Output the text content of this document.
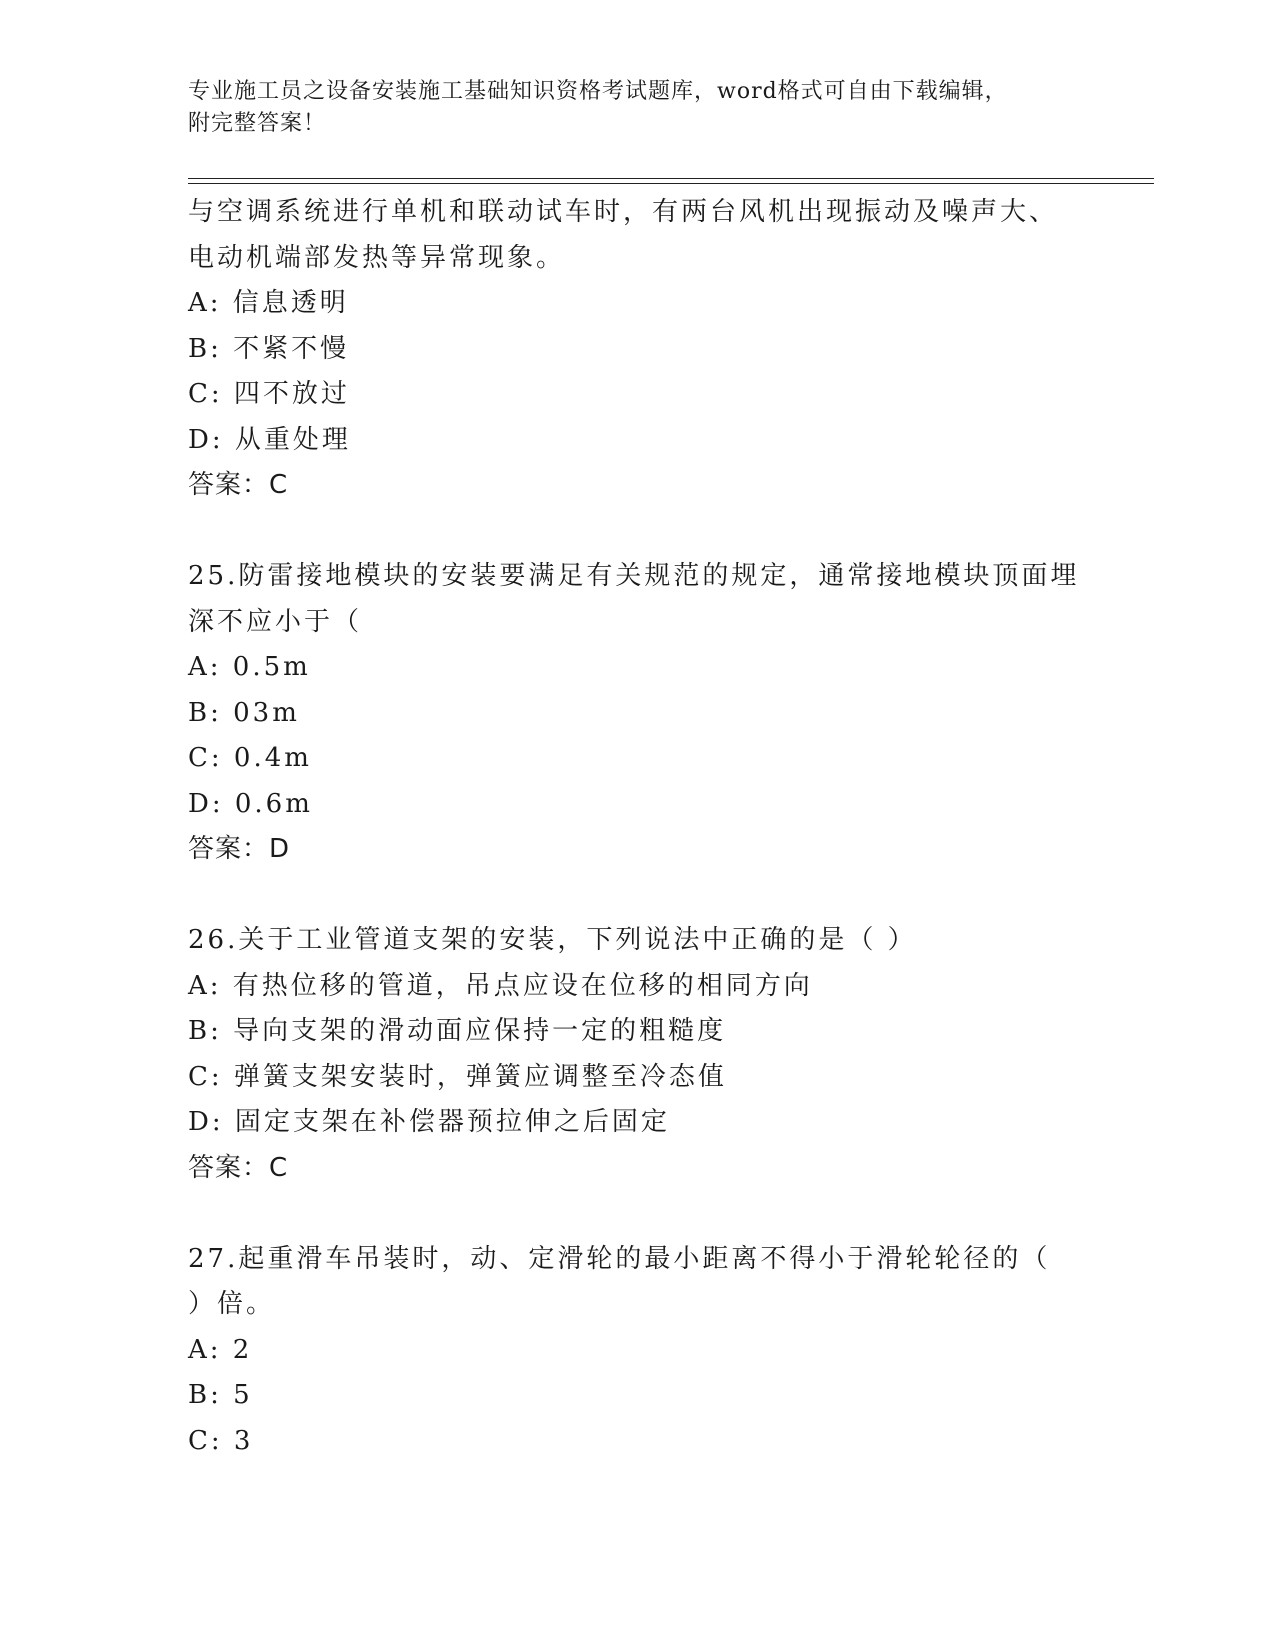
专业施工员之设备安装施工基础知识资格考试题库，word格式可自由下载编辑，
附完整答案！
与空调系统进行单机和联动试车时，有两台风机出现振动及噪声大、
电动机端部发热等异常现象。
A: 信息透明
B: 不紧不慢
C: 四不放过
D: 从重处理
答案：C
25.防雷接地模块的安装要满足有关规范的规定，通常接地模块顶面埋
深不应小于（
A: 0.5m
B: 03m
C: 0.4m
D: 0.6m
答案：D
26.关于工业管道支架的安装，下列说法中正确的是（ ）
A: 有热位移的管道，吊点应设在位移的相同方向
B: 导向支架的滑动面应保持一定的粗糙度
C: 弹簧支架安装时，弹簧应调整至冷态值
D: 固定支架在补偿器预拉伸之后固定
答案：C
27.起重滑车吊装时，动、定滑轮的最小距离不得小于滑轮轮径的（
）倍。
A: 2
B: 5
C: 3
